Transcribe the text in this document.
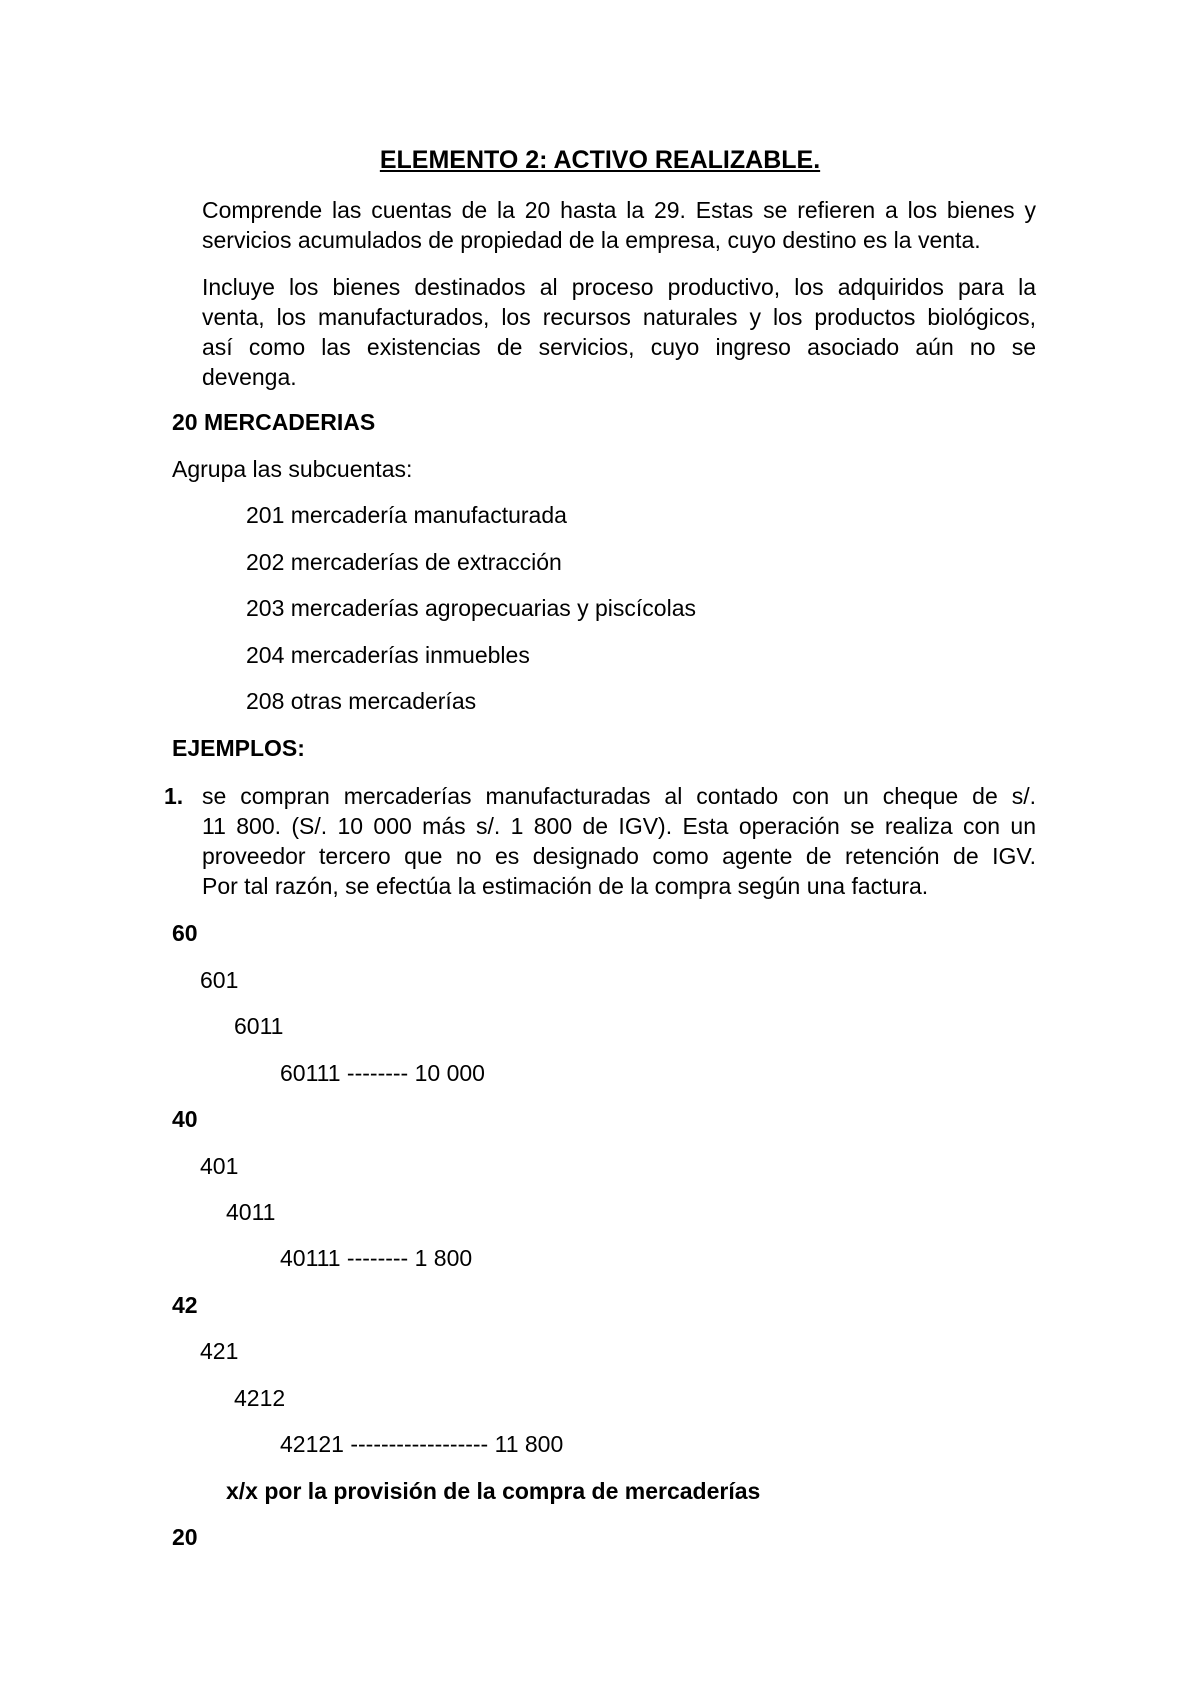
ELEMENTO 2: ACTIVO REALIZABLE.
Comprende las cuentas de la 20 hasta la 29. Estas se refieren a los bienes y
servicios acumulados de propiedad de la empresa, cuyo destino es la venta.
Incluye los bienes destinados al proceso productivo, los adquiridos para la
venta, los manufacturados, los recursos naturales y los productos biológicos,
así como las existencias de servicios, cuyo ingreso asociado aún no se
devenga.

20 MERCADERIAS

Agrupa las subcuentas:

201 mercadería manufacturada

202 mercaderías de extracción

203 mercaderías agropecuarias y piscícolas

204 mercaderías inmuebles

208 otras mercaderías

EJEMPLOS:

1. se compran mercaderías manufacturadas al contado con un cheque de s/.
11 800. (S/. 10 000 más s/. 1 800 de IGV). Esta operación se realiza con un
proveedor tercero que no es designado como agente de retención de IGV.
Por tal razón, se efectúa la estimación de la compra según una factura.

60

601

6011

60111 -------- 10 000

40

401

4011

40111 -------- 1 800

42

421

4212

42121 ------------------ 11 800

x/x por la provisión de la compra de mercaderías

20
